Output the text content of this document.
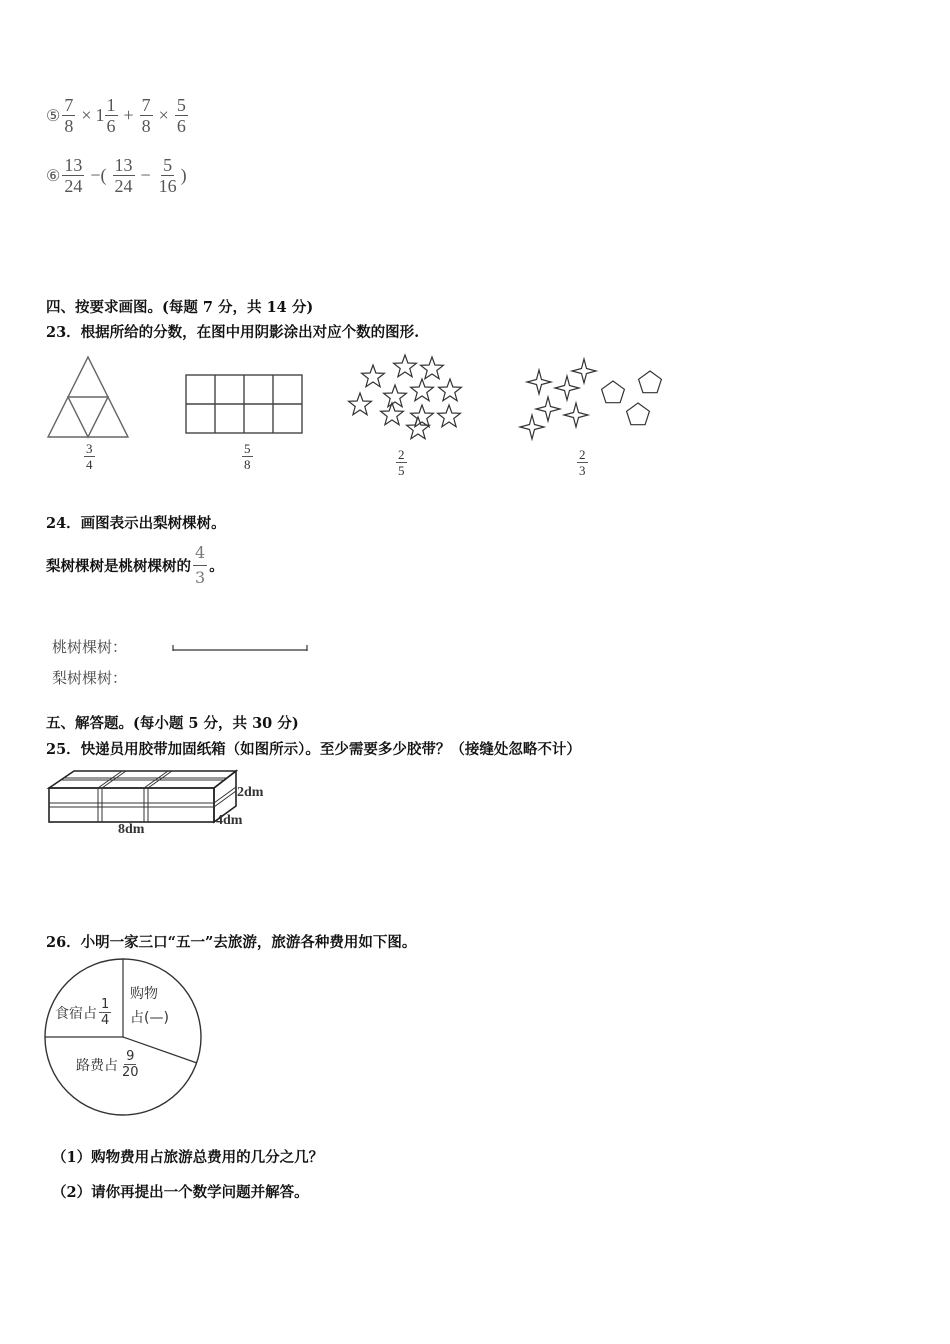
⑤ $\frac{7}{8} \times 1 \frac{1}{6} + \frac{7}{8} \times \frac{5}{6}$
⑥ $\frac{13}{24}$ −( $\frac{13}{24} - \frac{5}{16}$ )
四、按要求画图。(每题 7 分，共 14 分)
23．根据所给的分数，在图中用阴影涂出对应个数的图形.
$\frac{3}{4}$	$\frac{5}{8}$	$\frac{2}{5}$	$\frac{2}{3}$
24．画图表示出梨树棵树。
梨树棵树是桃树棵树的 $\frac{4}{3}$ 。
桃树棵树：
梨树棵树：
五、解答题。(每小题 5 分，共 30 分)
25．快递员用胶带加固纸箱（如图所示）。至少需要多少胶带？（接缝处忽略不计）
8dm
4dm
2dm
26．小明一家三口“五一”去旅游，旅游各种费用如下图。
食宿占 $\frac{1}{4}$
路费占 $\frac{9}{20}$
购物
占(—)
（1）购物费用占旅游总费用的几分之几？
（2）请你再提出一个数学问题并解答。
